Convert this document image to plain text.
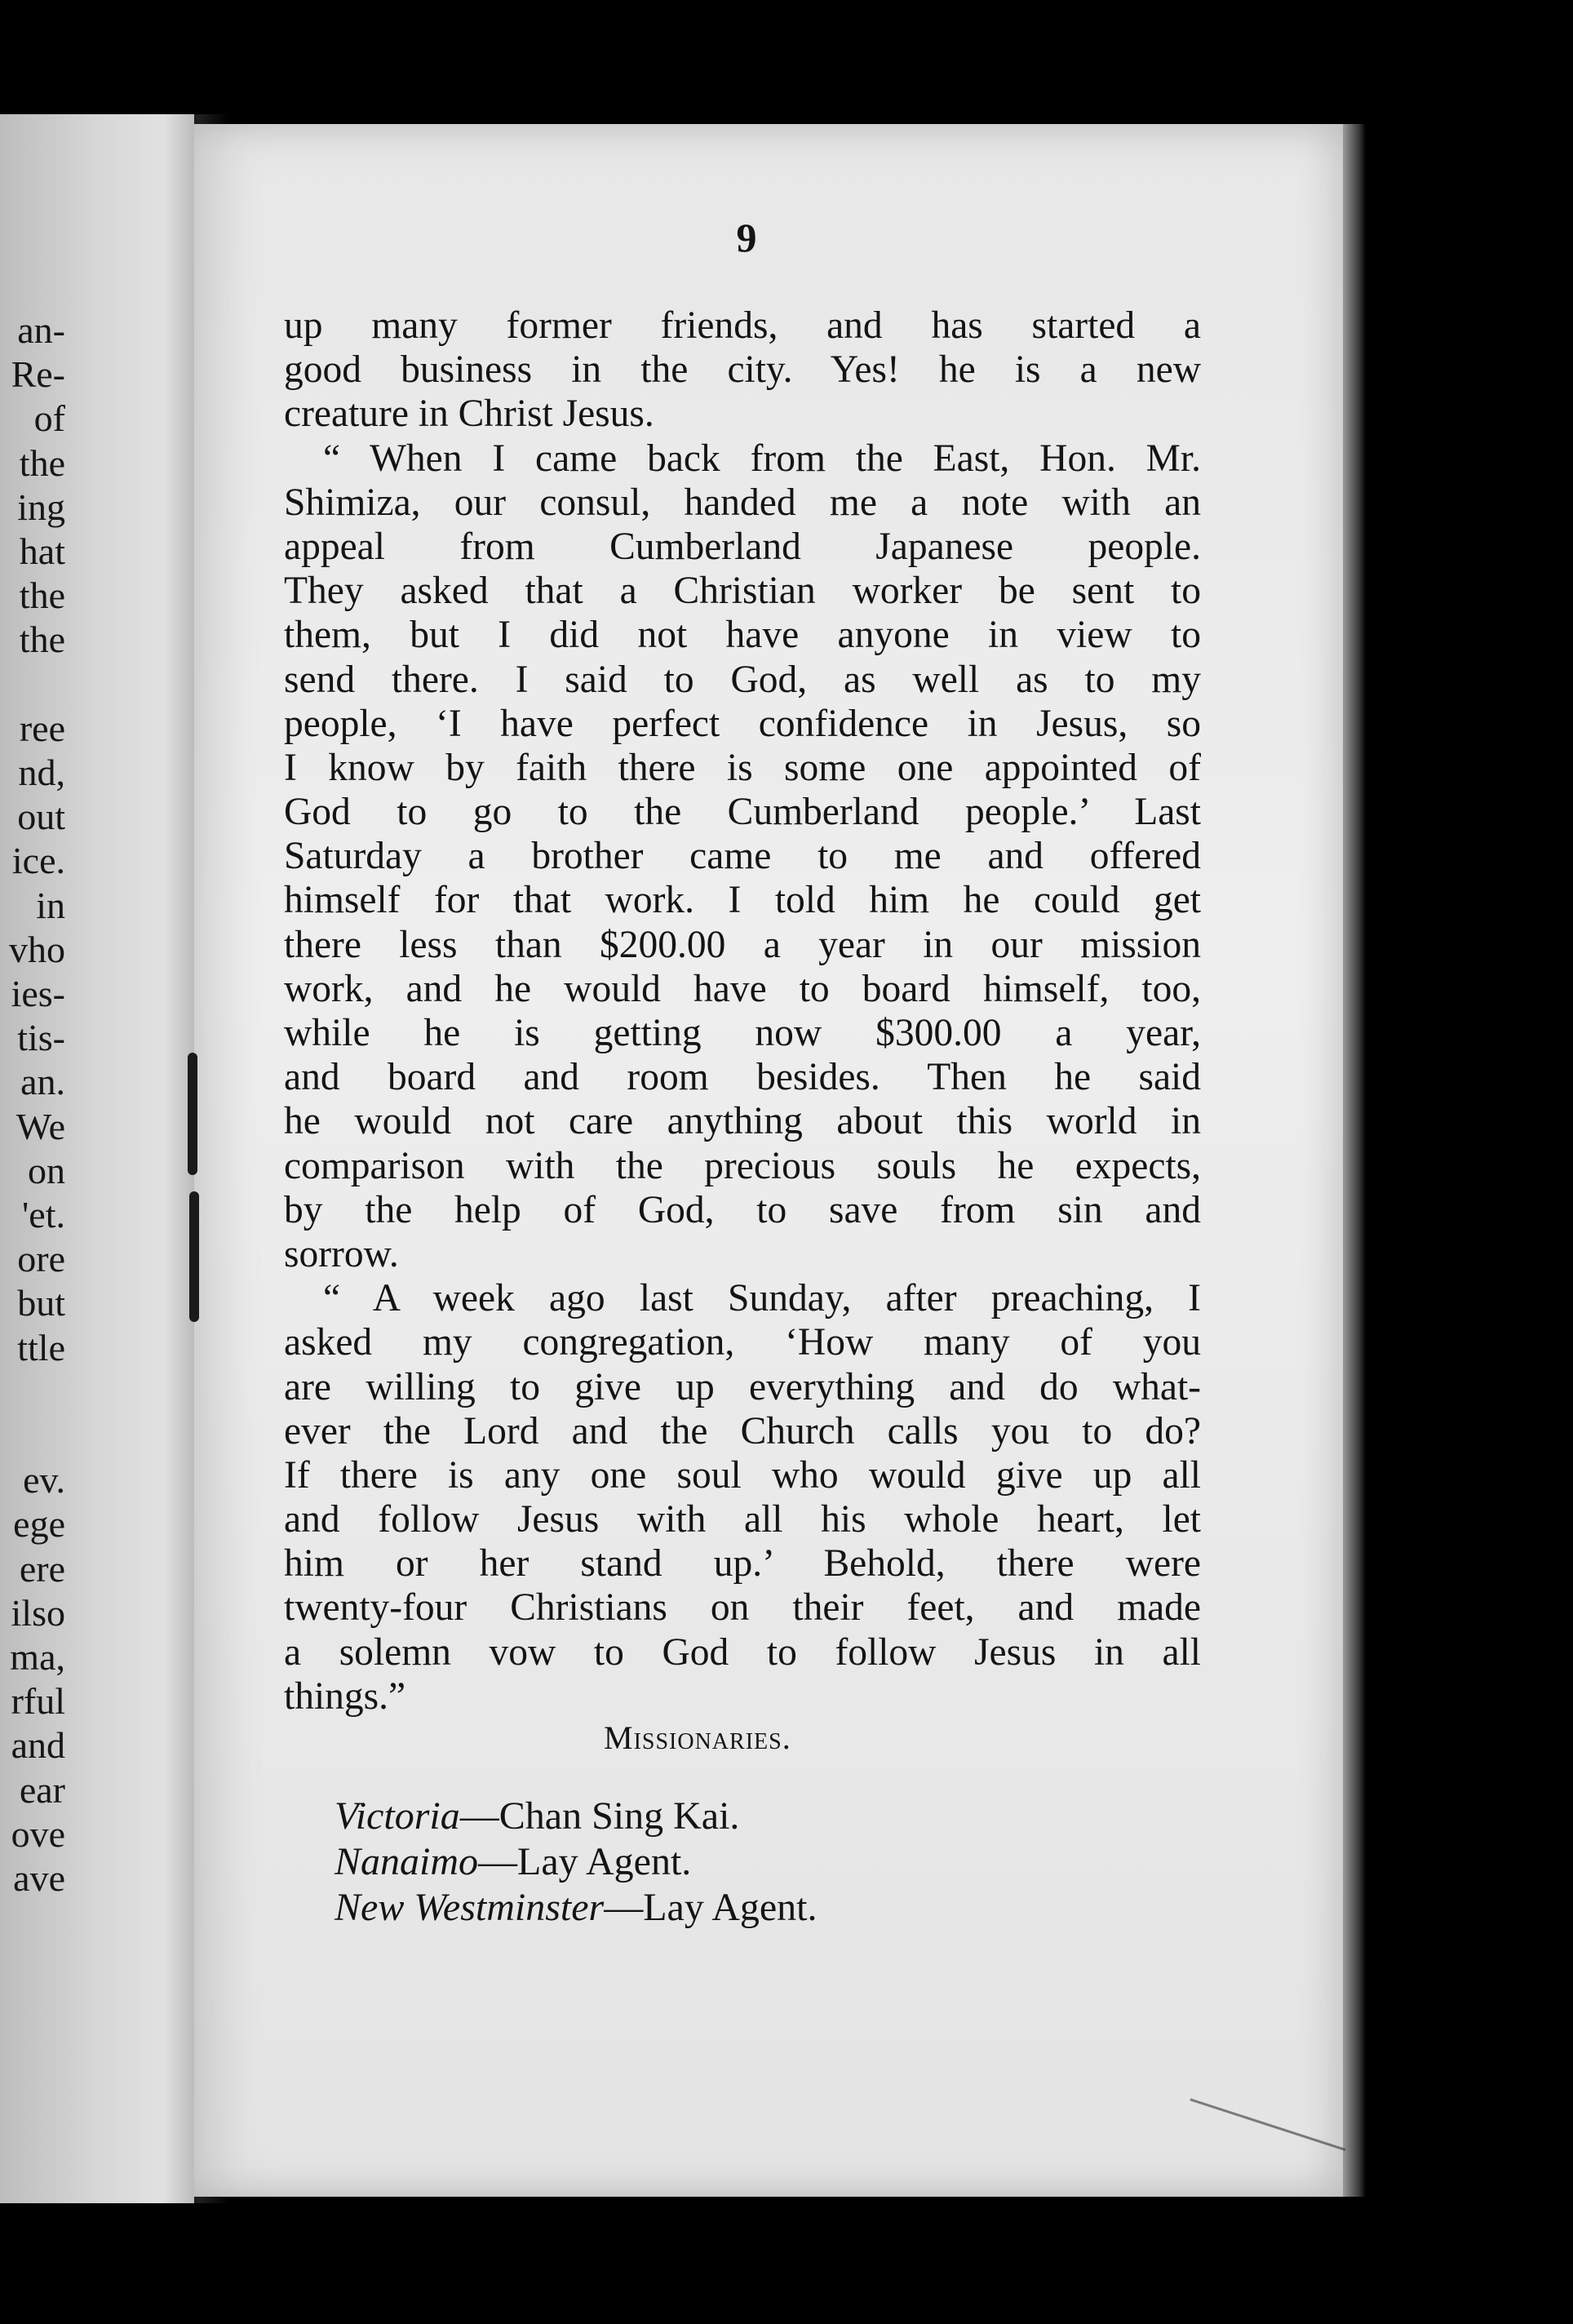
an-
Re-
of
the
ing
hat
the
the
ree
nd,
out
ice.
in
vho
ies-
tis-
an.
We
on
'et.
ore
but
ttle
ev.
ege
ere
ilso
ma,
rful
and
ear
ove
ave
9
up many former friends, and has started a
good business in the city. Yes! he is a new
creature in Christ Jesus.
“ When I came back from the East, Hon. Mr.
Shimiza, our consul, handed me a note with an
appeal from Cumberland Japanese people.
They asked that a Christian worker be sent to
them, but I did not have anyone in view to
send there. I said to God, as well as to my
people, ‘I have perfect confidence in Jesus, so
I know by faith there is some one appointed of
God to go to the Cumberland people.’ Last
Saturday a brother came to me and offered
himself for that work. I told him he could get
there less than $200.00 a year in our mission
work, and he would have to board himself, too,
while he is getting now $300.00 a year,
and board and room besides. Then he said
he would not care anything about this world in
comparison with the precious souls he expects,
by the help of God, to save from sin and
sorrow.
“ A week ago last Sunday, after preaching, I
asked my congregation, ‘How many of you
are willing to give up everything and do what-
ever the Lord and the Church calls you to do?
If there is any one soul who would give up all
and follow Jesus with all his whole heart, let
him or her stand up.’ Behold, there were
twenty-four Christians on their feet, and made
a solemn vow to God to follow Jesus in all
things.”
Missionaries.
Victoria—Chan Sing Kai.
Nanaimo—Lay Agent.
New Westminster—Lay Agent.
